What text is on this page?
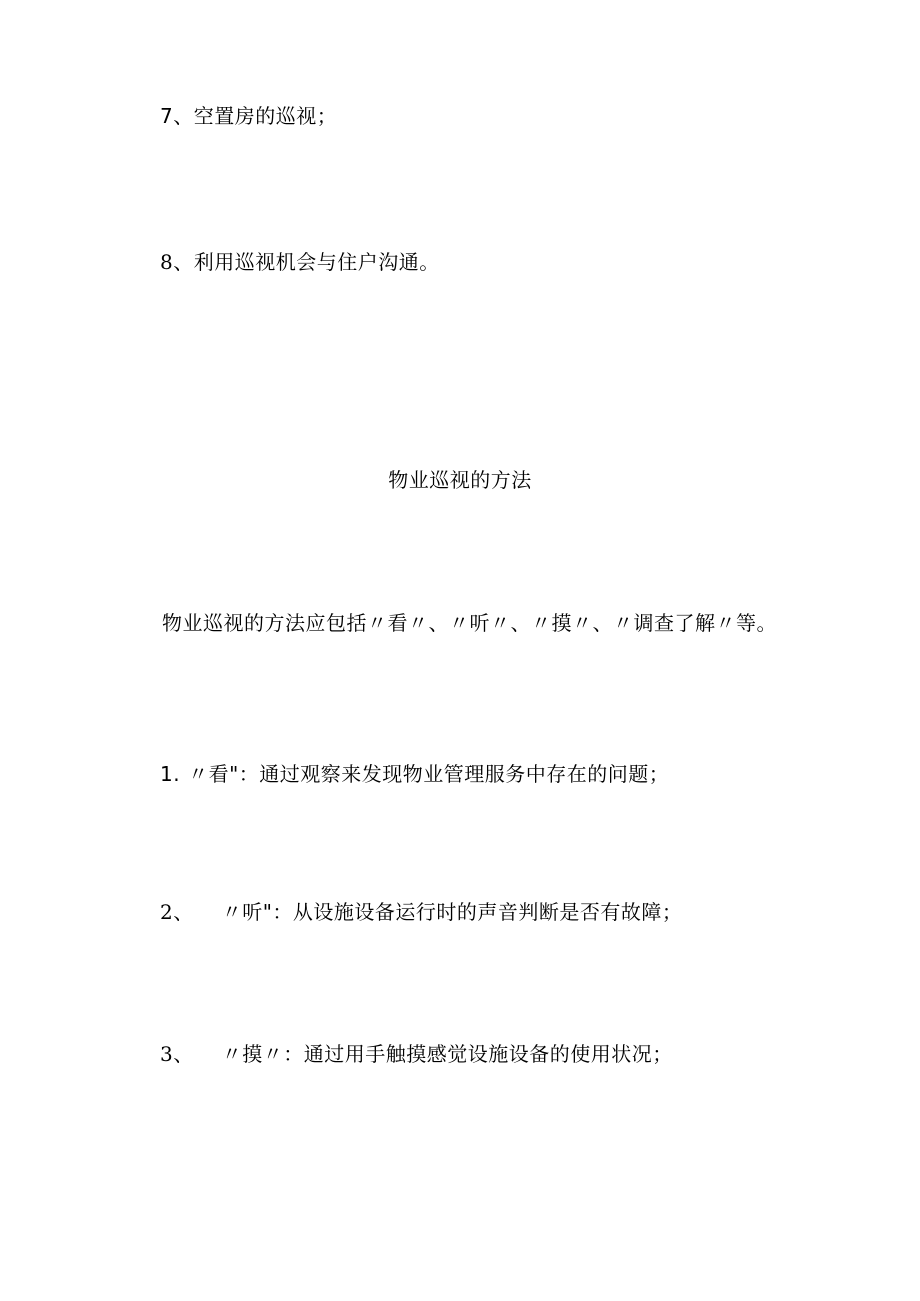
7、空置房的巡视；
8、利用巡视机会与住户沟通。
物业巡视的方法
物业巡视的方法应包括〃看〃、〃听〃、〃摸〃、〃调查了解〃等。
1. 〃看"：通过观察来发现物业管理服务中存在的问题；
2、 〃听"：从设施设备运行时的声音判断是否有故障；
3、 〃摸〃：通过用手触摸感觉设施设备的使用状况；
